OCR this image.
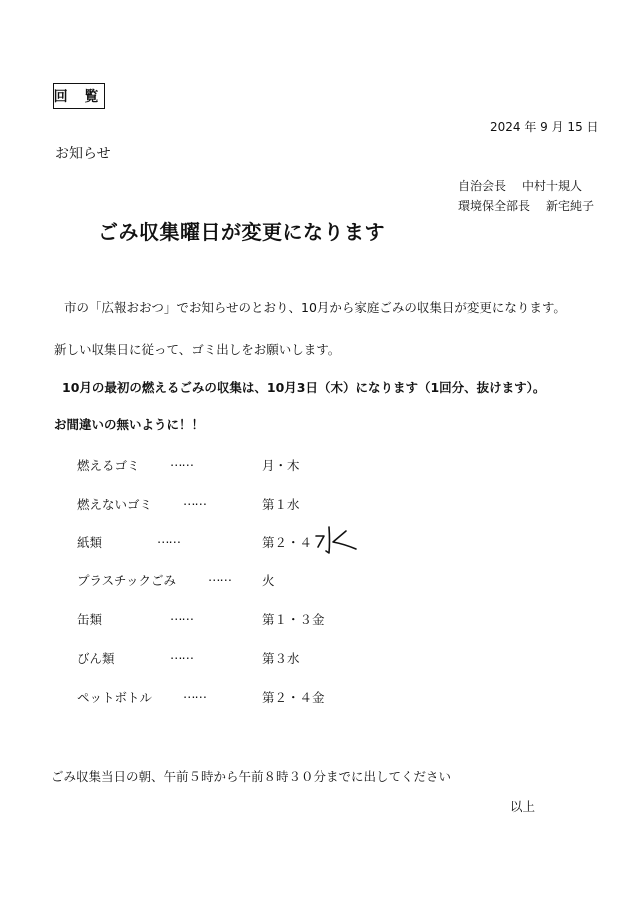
回 覧
2024 年 9 月 15 日
お知らせ
自治会長 中村十規人
環境保全部長 新宅純子
ごみ収集曜日が変更になります
市の「広報おおつ」でお知らせのとおり、10月から家庭ごみの収集日が変更になります。
新しい収集日に従って、ゴミ出しをお願いします。
10月の最初の燃えるごみの収集は、10月3日（木）になります（1回分、抜けます）。
お間違いの無いように！！
燃えるゴミ ……	月・木
燃えないゴミ ……	第１水
紙類	……	第２・４
プラスチックごみ	…… 火
缶類	……	第１・３金
びん類	……	第３水
ペットボトル ……	第２・４金
ごみ収集当日の朝、午前５時から午前８時３０分までに出してください
以上
